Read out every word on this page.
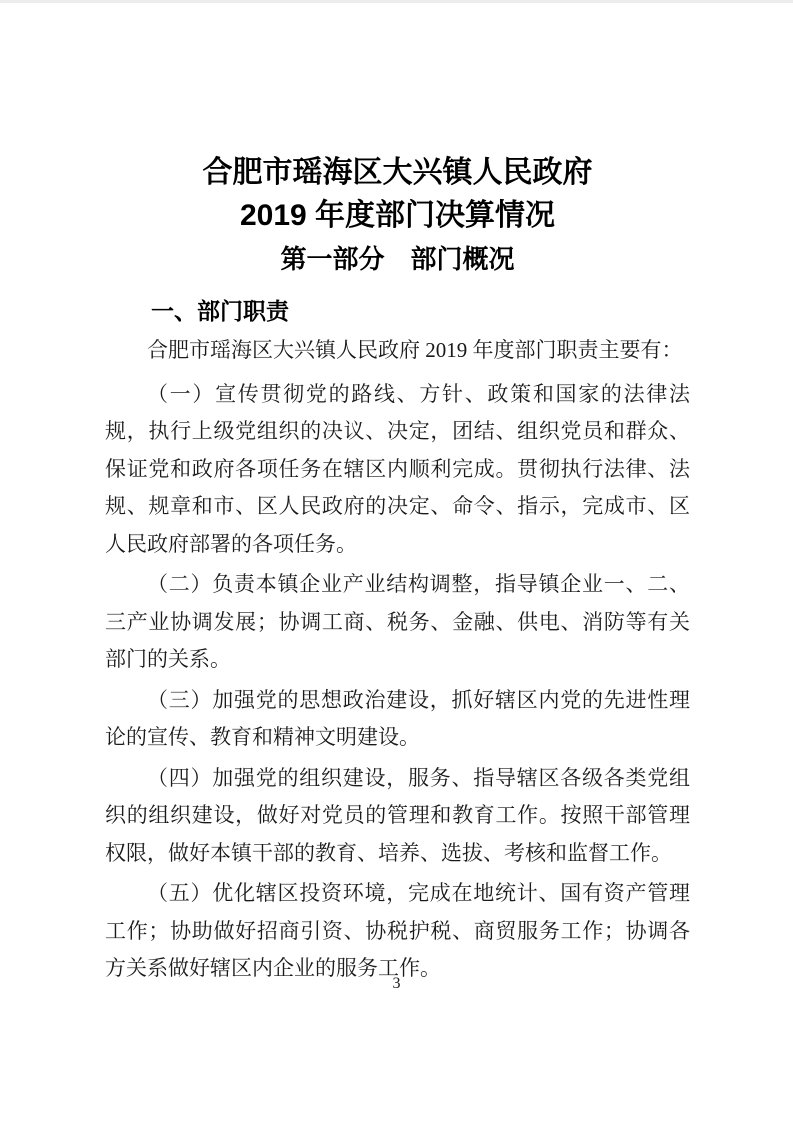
合肥市瑶海区大兴镇人民政府
2019 年度部门决算情况
第一部分　部门概况
一、部门职责

合肥市瑶海区大兴镇人民政府 2019 年度部门职责主要有：

（一）宣传贯彻党的路线、方针、政策和国家的法律法规，执行上级党组织的决议、决定，团结、组织党员和群众、保证党和政府各项任务在辖区内顺利完成。贯彻执行法律、法规、规章和市、区人民政府的决定、命令、指示，完成市、区人民政府部署的各项任务。

（二）负责本镇企业产业结构调整，指导镇企业一、二、三产业协调发展；协调工商、税务、金融、供电、消防等有关部门的关系。

（三）加强党的思想政治建设，抓好辖区内党的先进性理论的宣传、教育和精神文明建设。

（四）加强党的组织建设，服务、指导辖区各级各类党组织的组织建设，做好对党员的管理和教育工作。按照干部管理权限，做好本镇干部的教育、培养、选拔、考核和监督工作。

（五）优化辖区投资环境，完成在地统计、国有资产管理工作；协助做好招商引资、协税护税、商贸服务工作；协调各方关系做好辖区内企业的服务工作。

3
